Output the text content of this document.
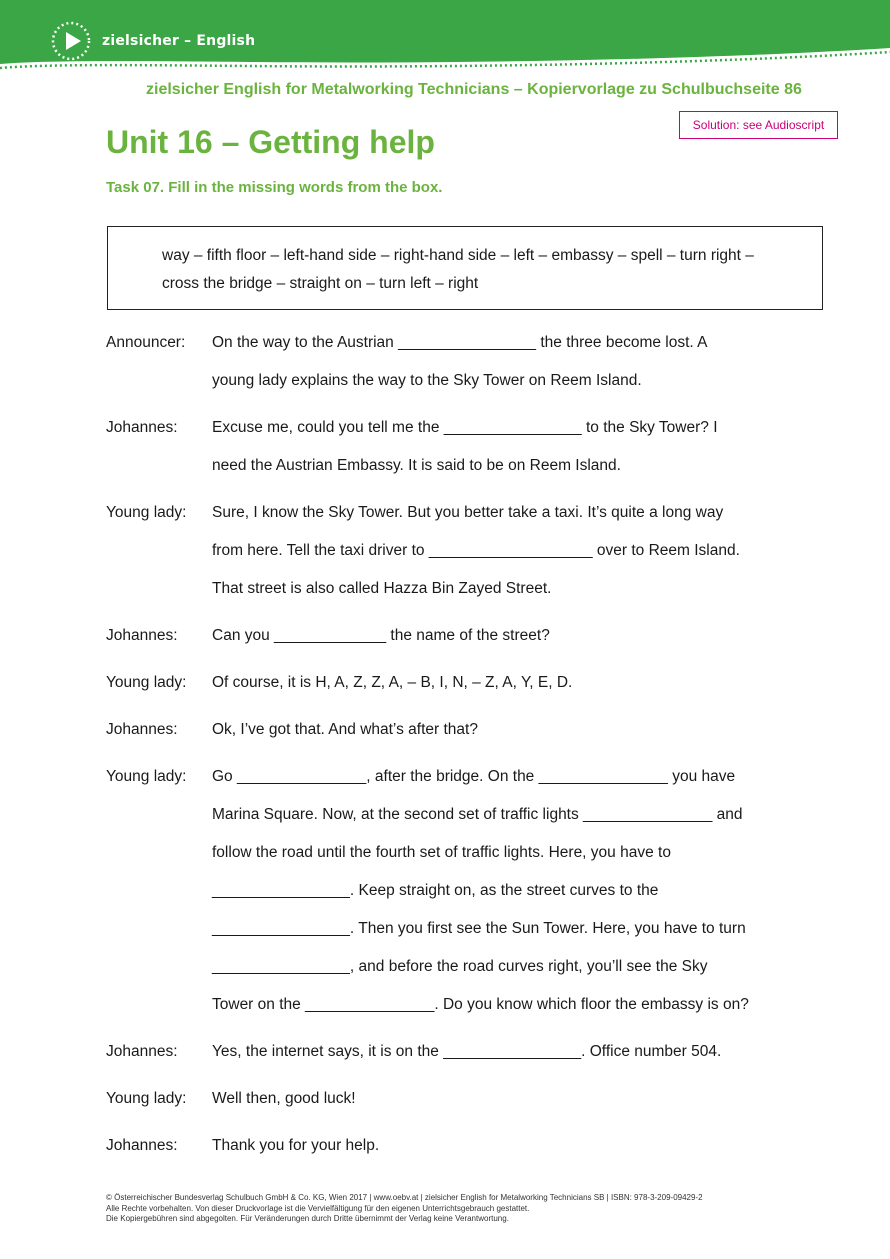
zielsicher – English
zielsicher English for Metalworking Technicians – Kopiervorlage zu Schulbuchseite 86
Unit 16 – Getting help	Solution: see Audioscript
Task 07. Fill in the missing words from the box.
way – fifth floor – left-hand side – right-hand side – left – embassy – spell – turn right –
cross the bridge – straight on – turn left – right
Announcer:	On the way to the Austrian ________________ the three become lost. A
young lady explains the way to the Sky Tower on Reem Island.
Johannes:	Excuse me, could you tell me the ________________ to the Sky Tower? I
need the Austrian Embassy. It is said to be on Reem Island.
Young lady:	Sure, I know the Sky Tower. But you better take a taxi. It’s quite a long way
from here. Tell the taxi driver to ___________________ over to Reem Island.
That street is also called Hazza Bin Zayed Street.
Johannes:	Can you _____________ the name of the street?
Young lady:	Of course, it is H, A, Z, Z, A, – B, I, N, – Z, A, Y, E, D.
Johannes:	Ok, I’ve got that. And what’s after that?
Young lady:	Go _______________, after the bridge. On the _______________ you have
Marina Square. Now, at the second set of traffic lights _______________ and
follow the road until the fourth set of traffic lights. Here, you have to
________________. Keep straight on, as the street curves to the
________________. Then you first see the Sun Tower. Here, you have to turn
________________, and before the road curves right, you’ll see the Sky
Tower on the _______________. Do you know which floor the embassy is on?
Johannes:	Yes, the internet says, it is on the ________________. Office number 504.
Young lady:	Well then, good luck!
Johannes:	Thank you for your help.
© Österreichischer Bundesverlag Schulbuch GmbH & Co. KG, Wien 2017 | www.oebv.at | zielsicher English for Metalworking Technicians SB | ISBN: 978-3-209-09429-2
Alle Rechte vorbehalten. Von dieser Druckvorlage ist die Vervielfältigung für den eigenen Unterrichtsgebrauch gestattet.
Die Kopiergebühren sind abgegolten. Für Veränderungen durch Dritte übernimmt der Verlag keine Verantwortung.
